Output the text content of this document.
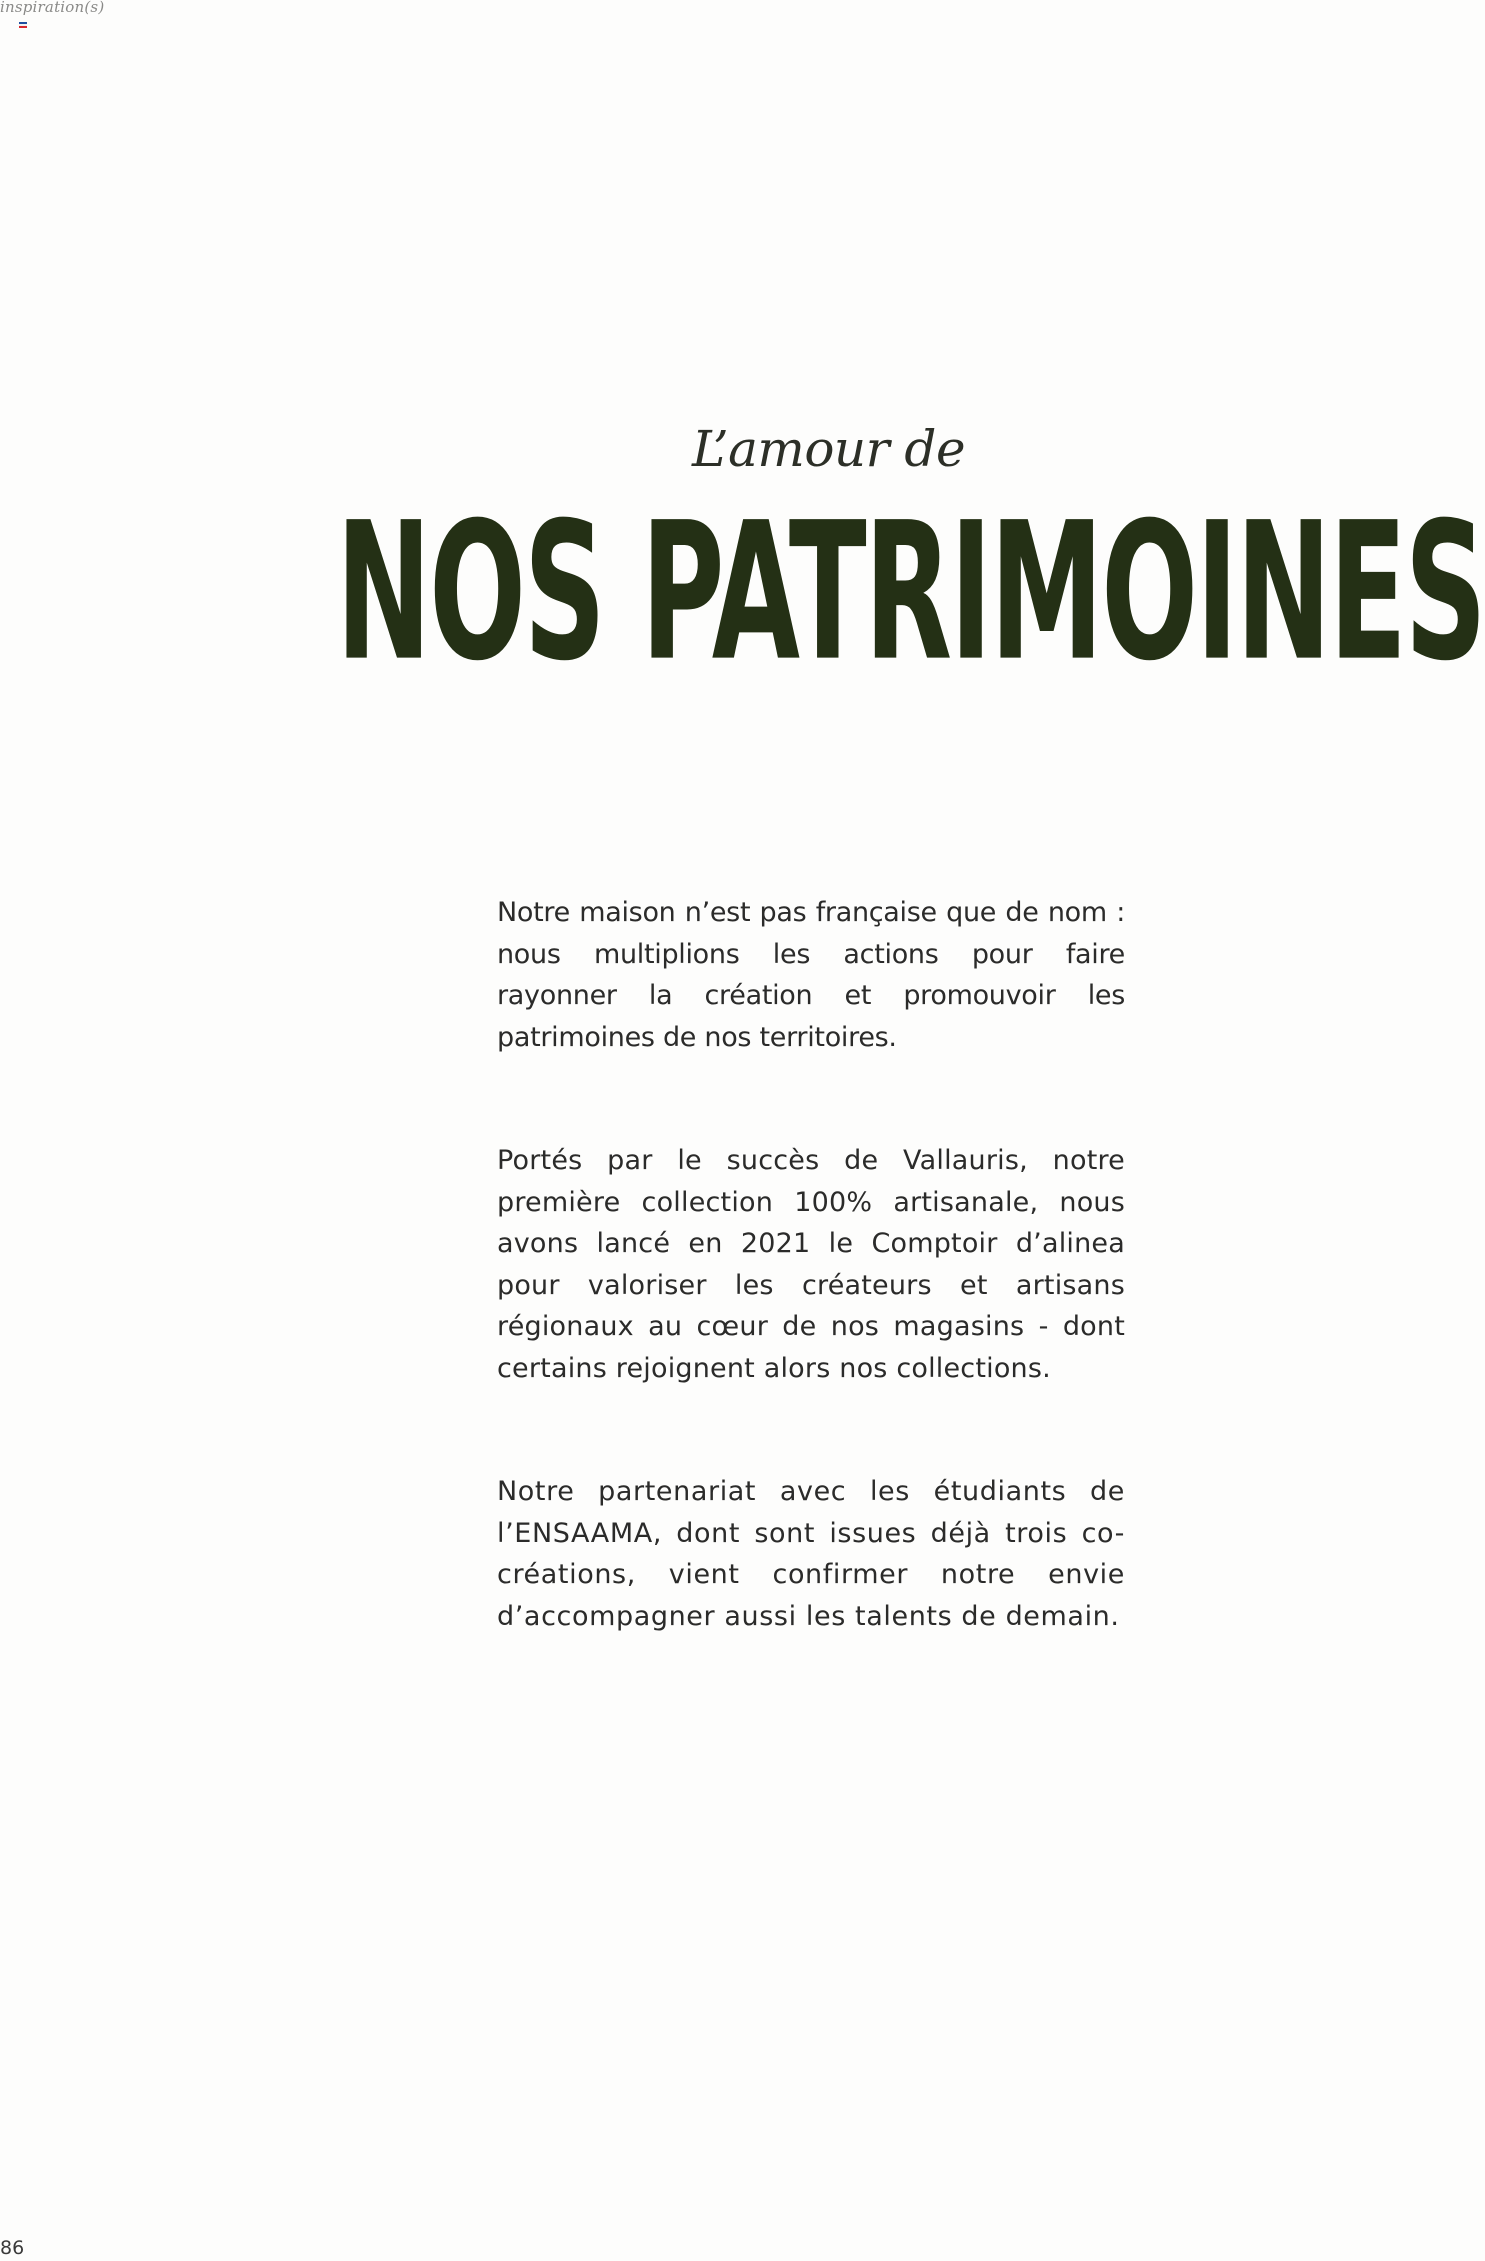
inspiration(s)
L’amour de
NOS PATRIMOINES

Notre maison n’est pas française que de nom : nous multiplions les actions pour faire rayonner la création et promouvoir les patrimoines de nos territoires.

Portés par le succès de Vallauris, notre première collection 100% artisanale, nous avons lancé en 2021 le Comptoir d’alinea pour valoriser les créateurs et artisans régionaux au cœur de nos magasins - dont certains rejoignent alors nos collections.

Notre partenariat avec les étudiants de l’ENSAAMA, dont sont issues déjà trois co-créations, vient confirmer notre envie d’accompagner aussi les talents de demain.

86
